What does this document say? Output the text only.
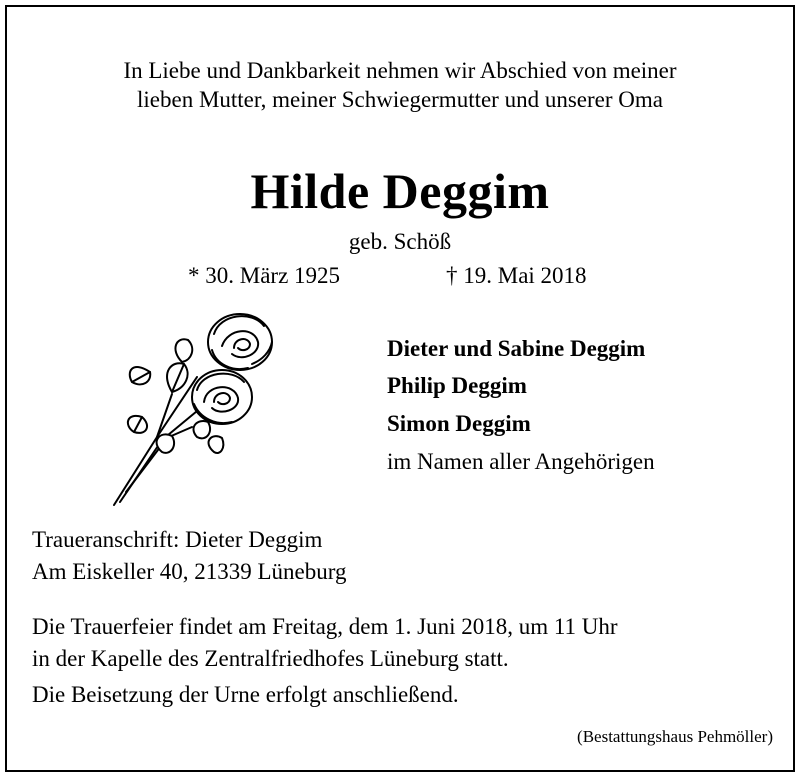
In Liebe und Dankbarkeit nehmen wir Abschied von meiner
lieben Mutter, meiner Schwiegermutter und unserer Oma
Hilde Deggim
geb. Schöß
* 30. März 1925	† 19. Mai 2018
Dieter und Sabine Deggim
Philip Deggim
Simon Deggim
im Namen aller Angehörigen
Traueranschrift: Dieter Deggim
Am Eiskeller 40, 21339 Lüneburg
Die Trauerfeier findet am Freitag, dem 1. Juni 2018, um 11 Uhr
in der Kapelle des Zentralfriedhofes Lüneburg statt.
Die Beisetzung der Urne erfolgt anschließend.
(Bestattungshaus Pehmöller)
